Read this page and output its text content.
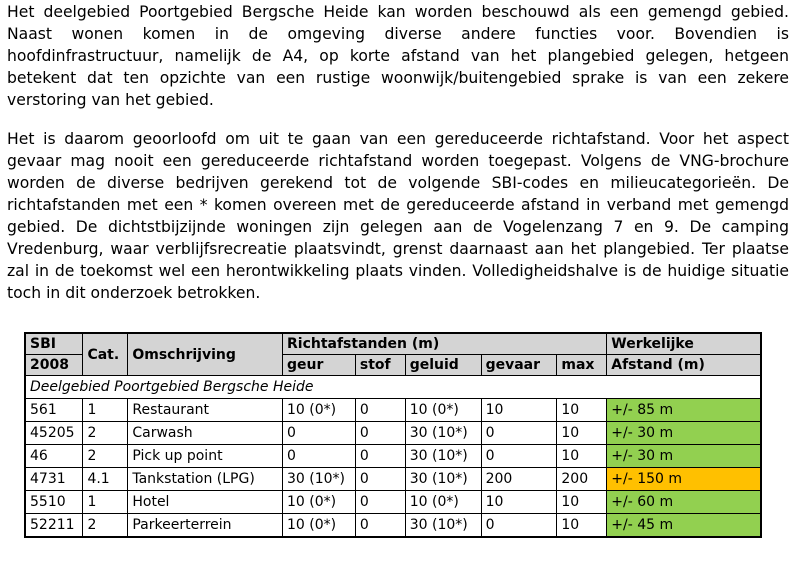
Het deelgebied Poortgebied Bergsche Heide kan worden beschouwd als een gemengd gebied.
Naast wonen komen in de omgeving diverse andere functies voor. Bovendien is
hoofdinfrastructuur, namelijk de A4, op korte afstand van het plangebied gelegen, hetgeen
betekent dat ten opzichte van een rustige woonwijk/buitengebied sprake is van een zekere
verstoring van het gebied.

Het is daarom geoorloofd om uit te gaan van een gereduceerde richtafstand. Voor het aspect
gevaar mag nooit een gereduceerde richtafstand worden toegepast. Volgens de VNG-brochure
worden de diverse bedrijven gerekend tot de volgende SBI-codes en milieucategorieën. De
richtafstanden met een * komen overeen met de gereduceerde afstand in verband met gemengd
gebied. De dichtstbijzijnde woningen zijn gelegen aan de Vogelenzang 7 en 9. De camping
Vredenburg, waar verblijfsrecreatie plaatsvindt, grenst daarnaast aan het plangebied. Ter plaatse
zal in de toekomst wel een herontwikkeling plaats vinden. Volledigheidshalve is de huidige situatie
toch in dit onderzoek betrokken.

SBI	Cat.	Omschrijving	Richtafstanden (m)					Werkelijke
2008			geur	stof	geluid	gevaar	max	Afstand (m)
Deelgebied Poortgebied Bergsche Heide								
561	1	Restaurant	10 (0*)	0	10 (0*)	10	10	+/- 85 m
45205	2	Carwash	0	0	30 (10*)	0	10	+/- 30 m
46	2	Pick up point	0	0	30 (10*)	0	10	+/- 30 m
4731	4.1	Tankstation (LPG)	30 (10*)	0	30 (10*)	200	200	+/- 150 m
5510	1	Hotel	10 (0*)	0	10 (0*)	10	10	+/- 60 m
52211	2	Parkeerterrein	10 (0*)	0	30 (10*)	0	10	+/- 45 m
